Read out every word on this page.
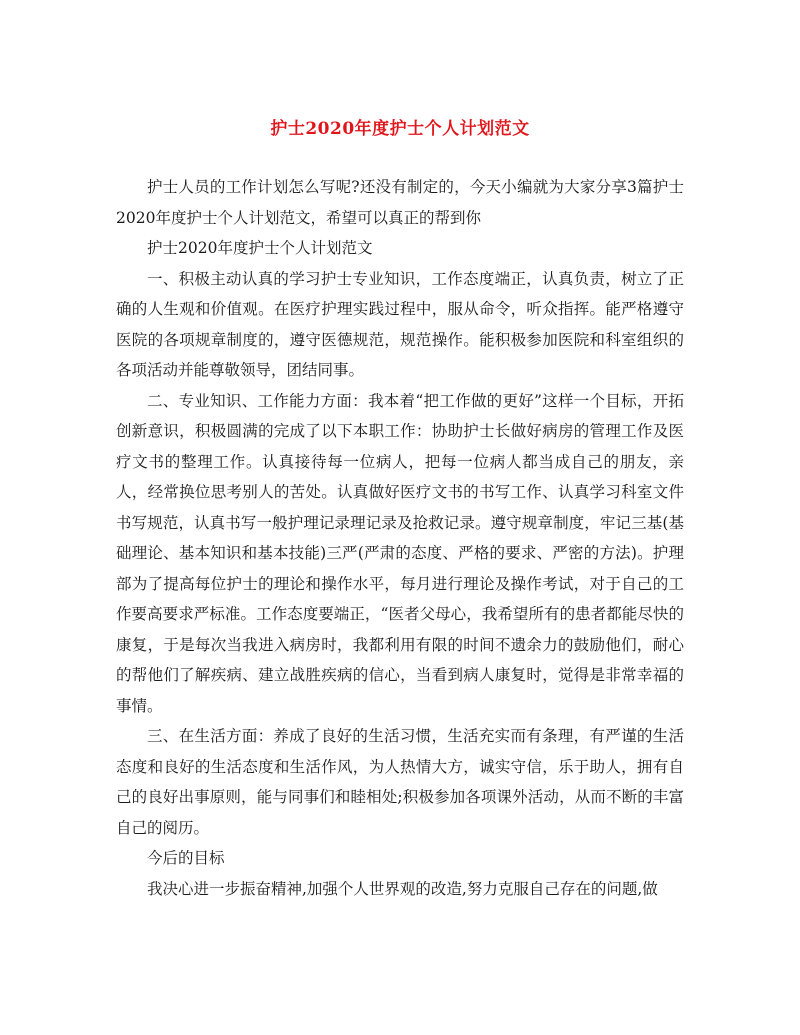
护士2020年度护士个人计划范文

护士人员的工作计划怎么写呢?还没有制定的，今天小编就为大家分享3篇护士2020年度护士个人计划范文，希望可以真正的帮到你

护士2020年度护士个人计划范文

一、积极主动认真的学习护士专业知识，工作态度端正，认真负责，树立了正确的人生观和价值观。在医疗护理实践过程中，服从命令，听众指挥。能严格遵守医院的各项规章制度的，遵守医德规范，规范操作。能积极参加医院和科室组织的各项活动并能尊敬领导，团结同事。

二、专业知识、工作能力方面：我本着“把工作做的更好”这样一个目标，开拓创新意识，积极圆满的完成了以下本职工作：协助护士长做好病房的管理工作及医疗文书的整理工作。认真接待每一位病人，把每一位病人都当成自己的朋友，亲人，经常换位思考别人的苦处。认真做好医疗文书的书写工作、认真学习科室文件书写规范，认真书写一般护理记录理记录及抢救记录。遵守规章制度，牢记三基(基础理论、基本知识和基本技能)三严(严肃的态度、严格的要求、严密的方法)。护理部为了提高每位护士的理论和操作水平，每月进行理论及操作考试，对于自己的工作要高要求严标准。工作态度要端正，“医者父母心，我希望所有的患者都能尽快的康复，于是每次当我进入病房时，我都利用有限的时间不遗余力的鼓励他们，耐心的帮他们了解疾病、建立战胜疾病的信心，当看到病人康复时，觉得是非常幸福的事情。

三、在生活方面：养成了良好的生活习惯，生活充实而有条理，有严谨的生活态度和良好的生活态度和生活作风，为人热情大方，诚实守信，乐于助人，拥有自己的良好出事原则，能与同事们和睦相处;积极参加各项课外活动，从而不断的丰富自己的阅历。

今后的目标

我决心进一步振奋精神,加强个人世界观的改造,努力克服自己存在的问题,做
